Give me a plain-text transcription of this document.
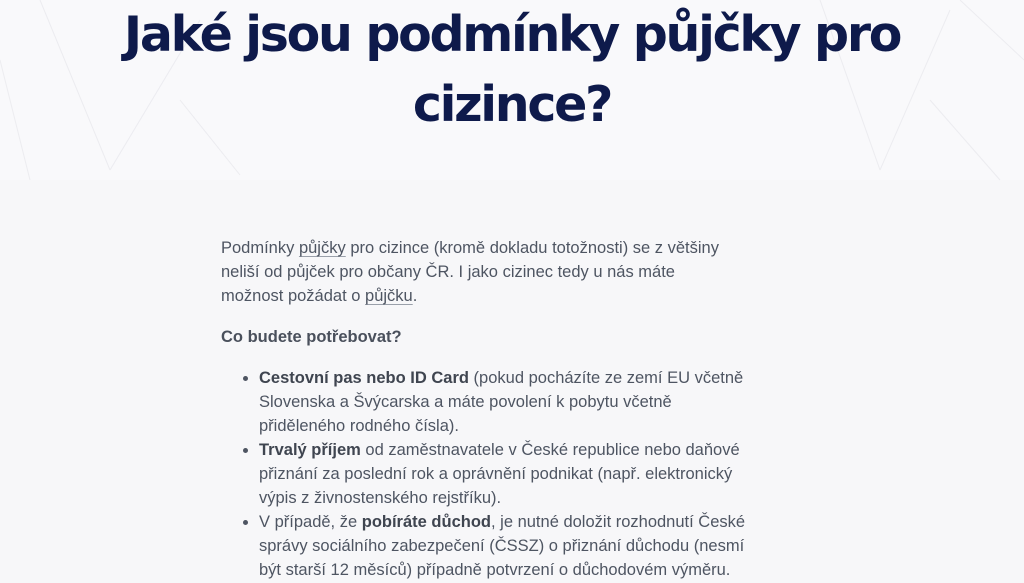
Jaké jsou podmínky půjčky pro
cizince?

Podmínky půjčky pro cizince (kromě dokladu totožnosti) se z většiny
neliší od půjček pro občany ČR. I jako cizinec tedy u nás máte
možnost požádat o půjčku.

Co budete potřebovat?

Cestovní pas nebo ID Card (pokud pocházíte ze zemí EU včetně
Slovenska a Švýcarska a máte povolení k pobytu včetně
přiděleného rodného čísla).
Trvalý příjem od zaměstnavatele v České republice nebo daňové
přiznání za poslední rok a oprávnění podnikat (např. elektronický
výpis z živnostenského rejstříku).
V případě, že pobíráte důchod, je nutné doložit rozhodnutí České
správy sociálního zabezpečení (ČSSZ) o přiznání důchodu (nesmí
být starší 12 měsíců) případně potvrzení o důchodovém výměru.
